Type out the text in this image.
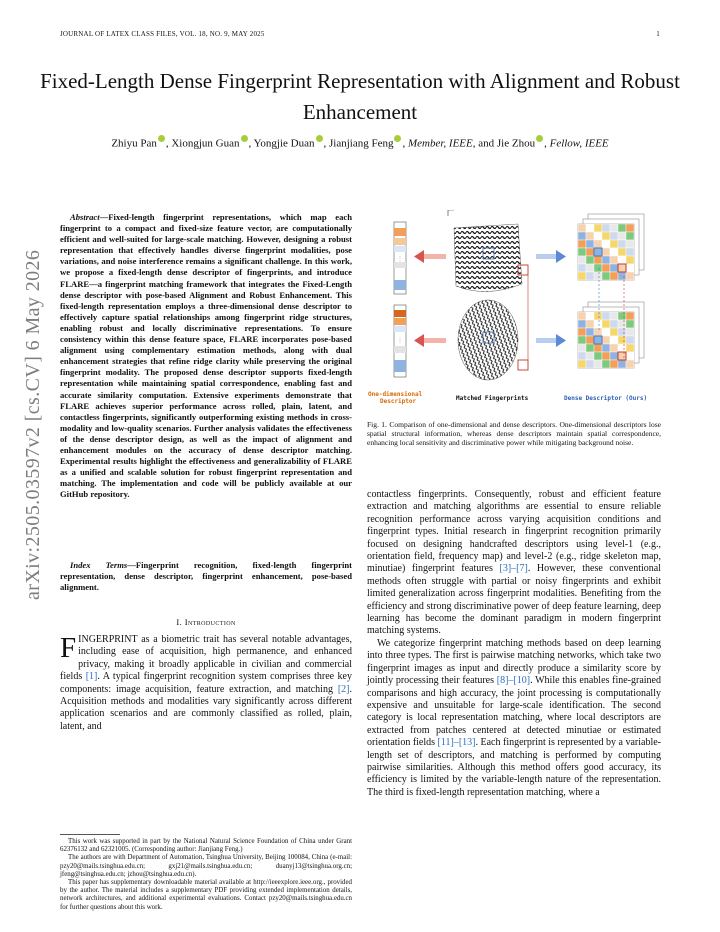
JOURNAL OF LATEX CLASS FILES, VOL. 18, NO. 9, MAY 2025	1
arXiv:2505.03597v2 [cs.CV] 6 May 2026
Fixed-Length Dense Fingerprint Representation with Alignment and Robust Enhancement
Zhiyu Pan , Xiongjun Guan , Yongjie Duan , Jianjiang Feng , Member, IEEE, and Jie Zhou , Fellow, IEEE

Abstract—Fixed-length fingerprint representations, which map each fingerprint to a compact and fixed-size feature vector, are computationally efficient and well-suited for large-scale matching. However, designing a robust representation that effectively handles diverse fingerprint modalities, pose variations, and noise interference remains a significant challenge. In this work, we propose a fixed-length dense descriptor of fingerprints, and introduce FLARE—a fingerprint matching framework that integrates the Fixed-Length dense descriptor with pose-based Alignment and Robust Enhancement. This fixed-length representation employs a three-dimensional dense descriptor to effectively capture spatial relationships among fingerprint ridge structures, enabling robust and locally discriminative representations. To ensure consistency within this dense feature space, FLARE incorporates pose-based alignment using complementary estimation methods, along with dual enhancement strategies that refine ridge clarity while preserving the original fingerprint modality. The proposed dense descriptor supports fixed-length representation while maintaining spatial correspondence, enabling fast and accurate similarity computation. Extensive experiments demonstrate that FLARE achieves superior performance across rolled, plain, latent, and contactless fingerprints, significantly outperforming existing methods in cross-modality and low-quality scenarios. Further analysis validates the effectiveness of the dense descriptor design, as well as the impact of alignment and enhancement modules on the accuracy of dense descriptor matching. Experimental results highlight the effectiveness and generalizability of FLARE as a unified and scalable solution for robust fingerprint representation and matching. The implementation and code will be publicly available at our GitHub repository.

Index Terms—Fingerprint recognition, fixed-length fingerprint representation, dense descriptor, fingerprint enhancement, pose-based alignment.

I. Introduction
FINGERPRINT as a biometric trait has several notable advantages, including ease of acquisition, high permanence, and enhanced privacy, making it broadly applicable in civilian and commercial fields [1]. A typical fingerprint recognition system comprises three key components: image acquisition, feature extraction, and matching [2]. Acquisition methods and modalities vary significantly across different application scenarios and are commonly classified as rolled, plain, latent, and

This work was supported in part by the National Natural Science Foundation of China under Grant 62376132 and 62321005. (Corresponding author: Jianjiang Feng.)

The authors are with Department of Automation, Tsinghua University, Beijing 100084, China (e-mail: pzy20@mails.tsinghua.edu.cn; gxj21@mails.tsinghua.edu.cn; duanyj13@tsinghua.org.cn; jfeng@tsinghua.edu.cn; jzhou@tsinghua.edu.cn).

This paper has supplementary downloadable material available at http://ieeexplore.ieee.org., provided by the author. The material includes a supplementary PDF providing extended implementation details, network architectures, and additional experimental evaluations. Contact pzy20@mails.tsinghua.edu.cn for further questions about this work.

⋮
⋮
One-dimensional Descriptor	Matched Fingerprints	Dense Descriptor (Ours)
Fig. 1. Comparison of one-dimensional and dense descriptors. One-dimensional descriptors lose spatial structural information, whereas dense descriptors maintain spatial correspondence, enhancing local sensitivity and discriminative power while mitigating background noise.

contactless fingerprints. Consequently, robust and efficient feature extraction and matching algorithms are essential to ensure reliable recognition performance across varying acquisition conditions and fingerprint types. Initial research in fingerprint recognition primarily focused on designing handcrafted descriptors using level-1 (e.g., orientation field, frequency map) and level-2 (e.g., ridge skeleton map, minutiae) fingerprint features [3]–[7]. However, these conventional methods often struggle with partial or noisy fingerprints and exhibit limited generalization across fingerprint modalities. Benefiting from the efficiency and strong discriminative power of deep feature learning, deep learning has become the dominant paradigm in modern fingerprint matching systems.

We categorize fingerprint matching methods based on deep learning into three types. The first is pairwise matching networks, which take two fingerprint images as input and directly produce a similarity score by jointly processing their features [8]–[10]. While this enables fine-grained comparisons and high accuracy, the joint processing is computationally expensive and unsuitable for large-scale identification. The second category is local representation matching, where local descriptors are extracted from patches centered at detected minutiae or estimated orientation fields [11]–[13]. Each fingerprint is represented by a variable-length set of descriptors, and matching is performed by computing pairwise similarities. Although this method offers good accuracy, its efficiency is limited by the variable-length nature of the representation. The third is fixed-length representation matching, where a
